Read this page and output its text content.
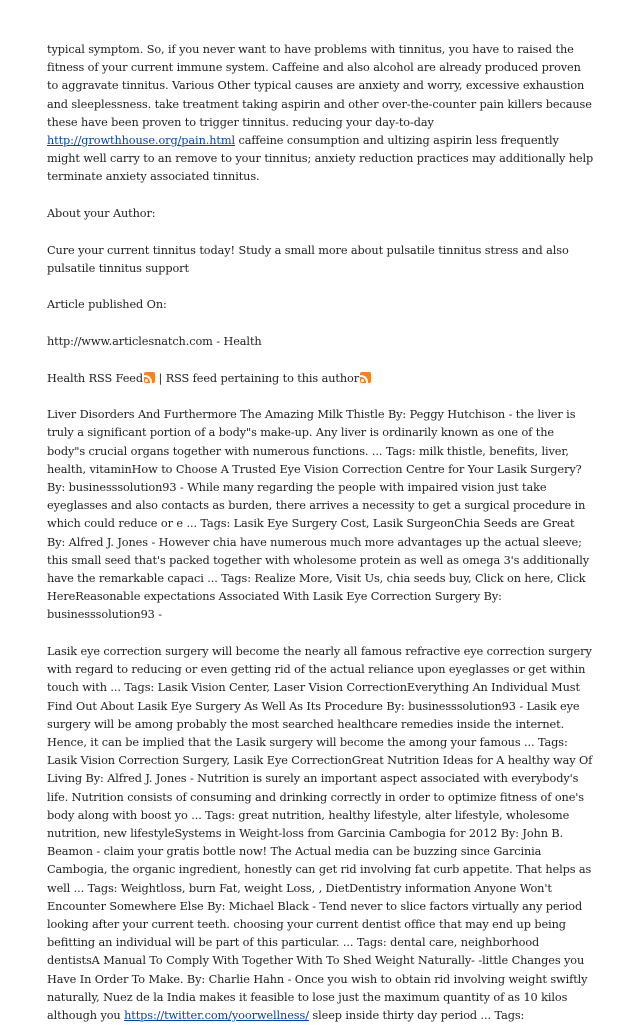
typical symptom. So, if you never want to have problems with tinnitus, you have to raised the fitness of your current immune system. Caffeine and also alcohol are already produced proven to aggravate tinnitus. Various Other typical causes are anxiety and worry, excessive exhaustion and sleeplessness. take treatment taking aspirin and other over-the-counter pain killers because these have been proven to trigger tinnitus. reducing your day-to-day http://growthhouse.org/pain.html caffeine consumption and ultizing aspirin less frequently might well carry to an remove to your tinnitus; anxiety reduction practices may additionally help terminate anxiety associated tinnitus.

About your Author:

Cure your current tinnitus today! Study a small more about pulsatile tinnitus stress and also pulsatile tinnitus support

Article published On:

http://www.articlesnatch.com - Health

Health RSS Feed | RSS feed pertaining to this author

Liver Disorders And Furthermore The Amazing Milk Thistle By: Peggy Hutchison - the liver is truly a significant portion of a body"s make-up. Any liver is ordinarily known as one of the body"s crucial organs together with numerous functions. ... Tags: milk thistle, benefits, liver, health, vitaminHow to Choose A Trusted Eye Vision Correction Centre for Your Lasik Surgery? By: businesssolution93 - While many regarding the people with impaired vision just take eyeglasses and also contacts as burden, there arrives a necessity to get a surgical procedure in which could reduce or e ... Tags: Lasik Eye Surgery Cost, Lasik SurgeonChia Seeds are Great By: Alfred J. Jones - However chia have numerous much more advantages up the actual sleeve; this small seed that's packed together with wholesome protein as well as omega 3's additionally have the remarkable capaci ... Tags: Realize More, Visit Us, chia seeds buy, Click on here, Click HereReasonable expectations Associated With Lasik Eye Correction Surgery By: businesssolution93 -

Lasik eye correction surgery will become the nearly all famous refractive eye correction surgery with regard to reducing or even getting rid of the actual reliance upon eyeglasses or get within touch with ... Tags: Lasik Vision Center, Laser Vision CorrectionEverything An Individual Must Find Out About Lasik Eye Surgery As Well As Its Procedure By: businesssolution93 - Lasik eye surgery will be among probably the most searched healthcare remedies inside the internet. Hence, it can be implied that the Lasik surgery will become the among your famous ... Tags: Lasik Vision Correction Surgery, Lasik Eye CorrectionGreat Nutrition Ideas for A healthy way Of Living By: Alfred J. Jones - Nutrition is surely an important aspect associated with everybody's life. Nutrition consists of consuming and drinking correctly in order to optimize fitness of one's body along with boost yo ... Tags: great nutrition, healthy lifestyle, alter lifestyle, wholesome nutrition, new lifestyleSystems in Weight-loss from Garcinia Cambogia for 2012 By: John B. Beamon - claim your gratis bottle now! The Actual media can be buzzing since Garcinia Cambogia, the organic ingredient, honestly can get rid involving fat curb appetite. That helps as well ... Tags: Weightloss, burn Fat, weight Loss, , DietDentistry information Anyone Won't Encounter Somewhere Else By: Michael Black - Tend never to slice factors virtually any period looking after your current teeth. choosing your current dentist office that may end up being befitting an individual will be part of this particular. ... Tags: dental care, neighborhood dentistsA Manual To Comply With Together With To Shed Weight Naturally- -little Changes you Have In Order To Make. By: Charlie Hahn - Once you wish to obtain rid involving weight swiftly naturally, Nuez de la India makes it feasible to lose just the maximum quantity of as 10 kilos although you https://twitter.com/yoorwellness/ sleep inside thirty day period ... Tags:
